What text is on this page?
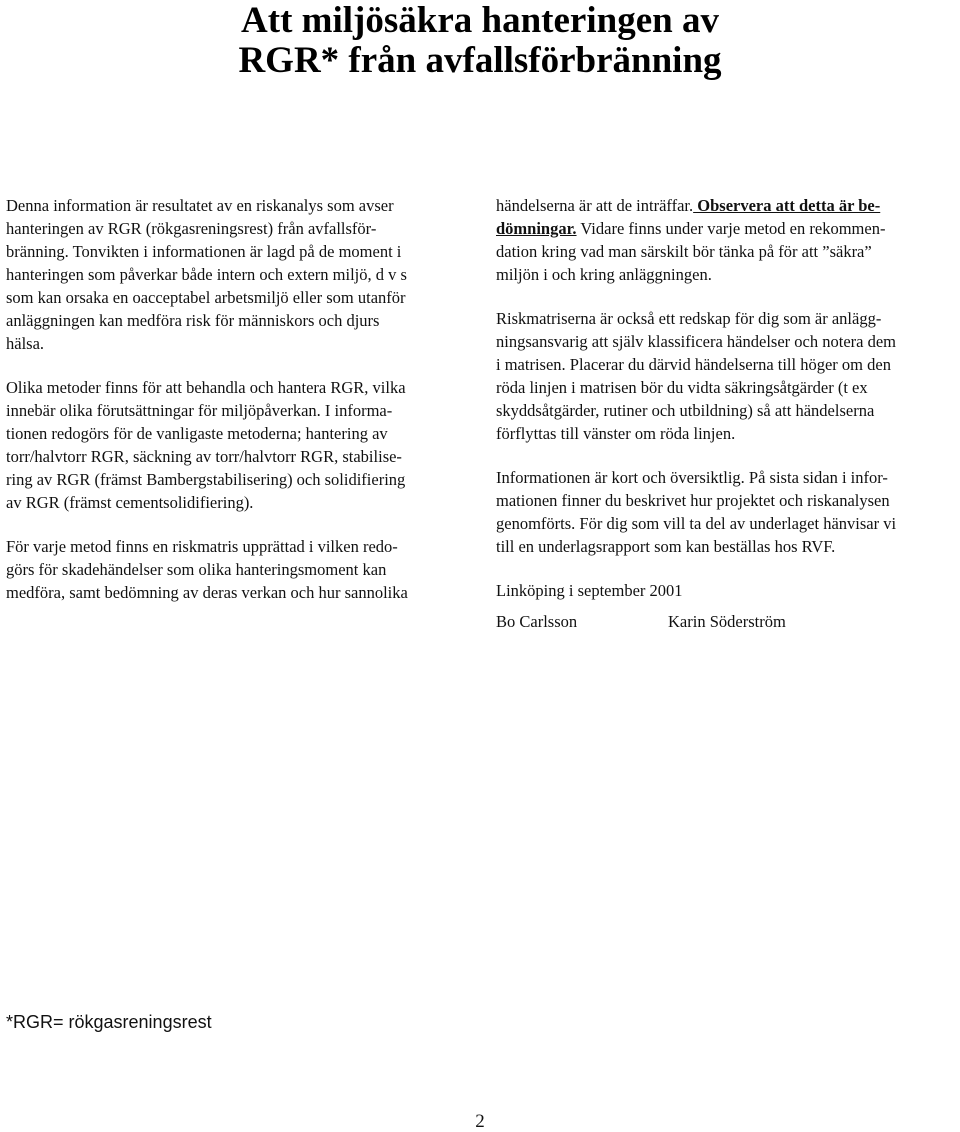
Att miljösäkra hanteringen av
RGR* från avfallsförbränning
Denna information är resultatet av en riskanalys som avser
hanteringen av RGR (rökgasreningsrest) från avfallsför-
bränning. Tonvikten i informationen är lagd på de moment i
hanteringen som påverkar både intern och extern miljö, d v s
som kan orsaka en oacceptabel arbetsmiljö eller som utanför
anläggningen kan medföra risk för människors och djurs
hälsa.
Olika metoder finns för att behandla och hantera RGR, vilka
innebär olika förutsättningar för miljöpåverkan. I informa-
tionen redogörs för de vanligaste metoderna; hantering av
torr/halvtorr RGR, säckning av torr/halvtorr RGR, stabilise-
ring av RGR (främst Bambergstabilisering) och solidifiering
av RGR (främst cementsolidifiering).
För varje metod finns en riskmatris upprättad i vilken redo-
görs för skadehändelser som olika hanteringsmoment kan
medföra, samt bedömning av deras verkan och hur sannolika
händelserna är att de inträffar. Observera att detta är be-
dömningar. Vidare finns under varje metod en rekommen-
dation kring vad man särskilt bör tänka på för att ”säkra”
miljön i och kring anläggningen.
Riskmatriserna är också ett redskap för dig som är anlägg-
ningsansvarig att själv klassificera händelser och notera dem
i matrisen. Placerar du därvid händelserna till höger om den
röda linjen i matrisen bör du vidta säkringsåtgärder (t ex
skyddsåtgärder, rutiner och utbildning) så att händelserna
förflyttas till vänster om röda linjen.
Informationen är kort och översiktlig. På sista sidan i infor-
mationen finner du beskrivet hur projektet och riskanalysen
genomförts. För dig som vill ta del av underlaget hänvisar vi
till en underlagsrapport som kan beställas hos RVF.
Linköping i september 2001
Bo Carlsson	Karin Söderström
*RGR= rökgasreningsrest
2
